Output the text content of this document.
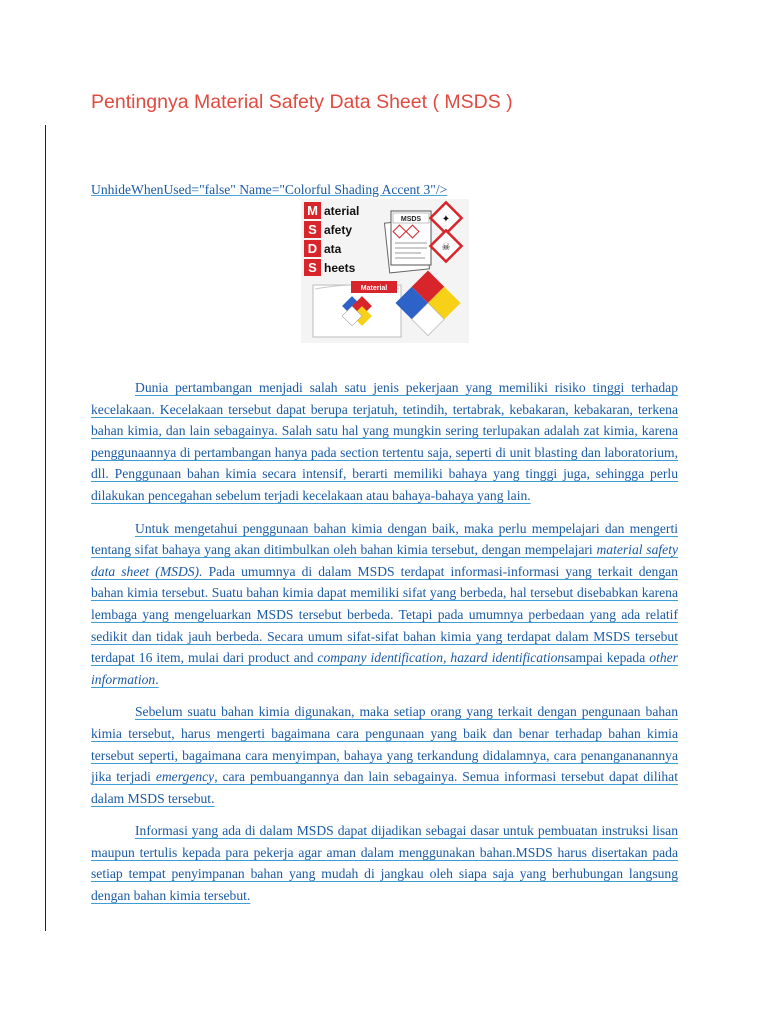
Pentingnya Material Safety Data Sheet ( MSDS )

UnhideWhenUsed="false" Name="Colorful Shading Accent 3"/>

M
S
D
S
aterial
afety
ata
heets
MSDS ✦
☠
Material

Dunia pertambangan menjadi salah satu jenis pekerjaan yang memiliki risiko tinggi terhadap kecelakaan. Kecelakaan tersebut dapat berupa terjatuh, tetindih, tertabrak, kebakaran, kebakaran, terkena bahan kimia, dan lain sebagainya. Salah satu hal yang mungkin sering terlupakan adalah zat kimia, karena penggunaannya di pertambangan hanya pada section tertentu saja, seperti di unit blasting dan laboratorium, dll. Penggunaan bahan kimia secara intensif, berarti memiliki bahaya yang tinggi juga, sehingga perlu dilakukan pencegahan sebelum terjadi kecelakaan atau bahaya-bahaya yang lain.

Untuk mengetahui penggunaan bahan kimia dengan baik, maka perlu mempelajari dan mengerti tentang sifat bahaya yang akan ditimbulkan oleh bahan kimia tersebut, dengan mempelajari material safety data sheet (MSDS). Pada umumnya di dalam MSDS terdapat informasi-informasi yang terkait dengan bahan kimia tersebut. Suatu bahan kimia dapat memiliki sifat yang berbeda, hal tersebut disebabkan karena lembaga yang mengeluarkan MSDS tersebut berbeda. Tetapi pada umumnya perbedaan yang ada relatif sedikit dan tidak jauh berbeda. Secara umum sifat-sifat bahan kimia yang terdapat dalam MSDS tersebut terdapat 16 item, mulai dari product and company identification, hazard identificationsampai kepada other information.

Sebelum suatu bahan kimia digunakan, maka setiap orang yang terkait dengan pengunaan bahan kimia tersebut, harus mengerti bagaimana cara pengunaan yang baik dan benar terhadap bahan kimia tersebut seperti, bagaimana cara menyimpan, bahaya yang terkandung didalamnya, cara penangananannya jika terjadi emergency, cara pembuangannya dan lain sebagainya. Semua informasi tersebut dapat dilihat dalam MSDS tersebut.

Informasi yang ada di dalam MSDS dapat dijadikan sebagai dasar untuk pembuatan instruksi lisan maupun tertulis kepada para pekerja agar aman dalam menggunakan bahan.MSDS harus disertakan pada setiap tempat penyimpanan bahan yang mudah di jangkau oleh siapa saja yang berhubungan langsung dengan bahan kimia tersebut.
